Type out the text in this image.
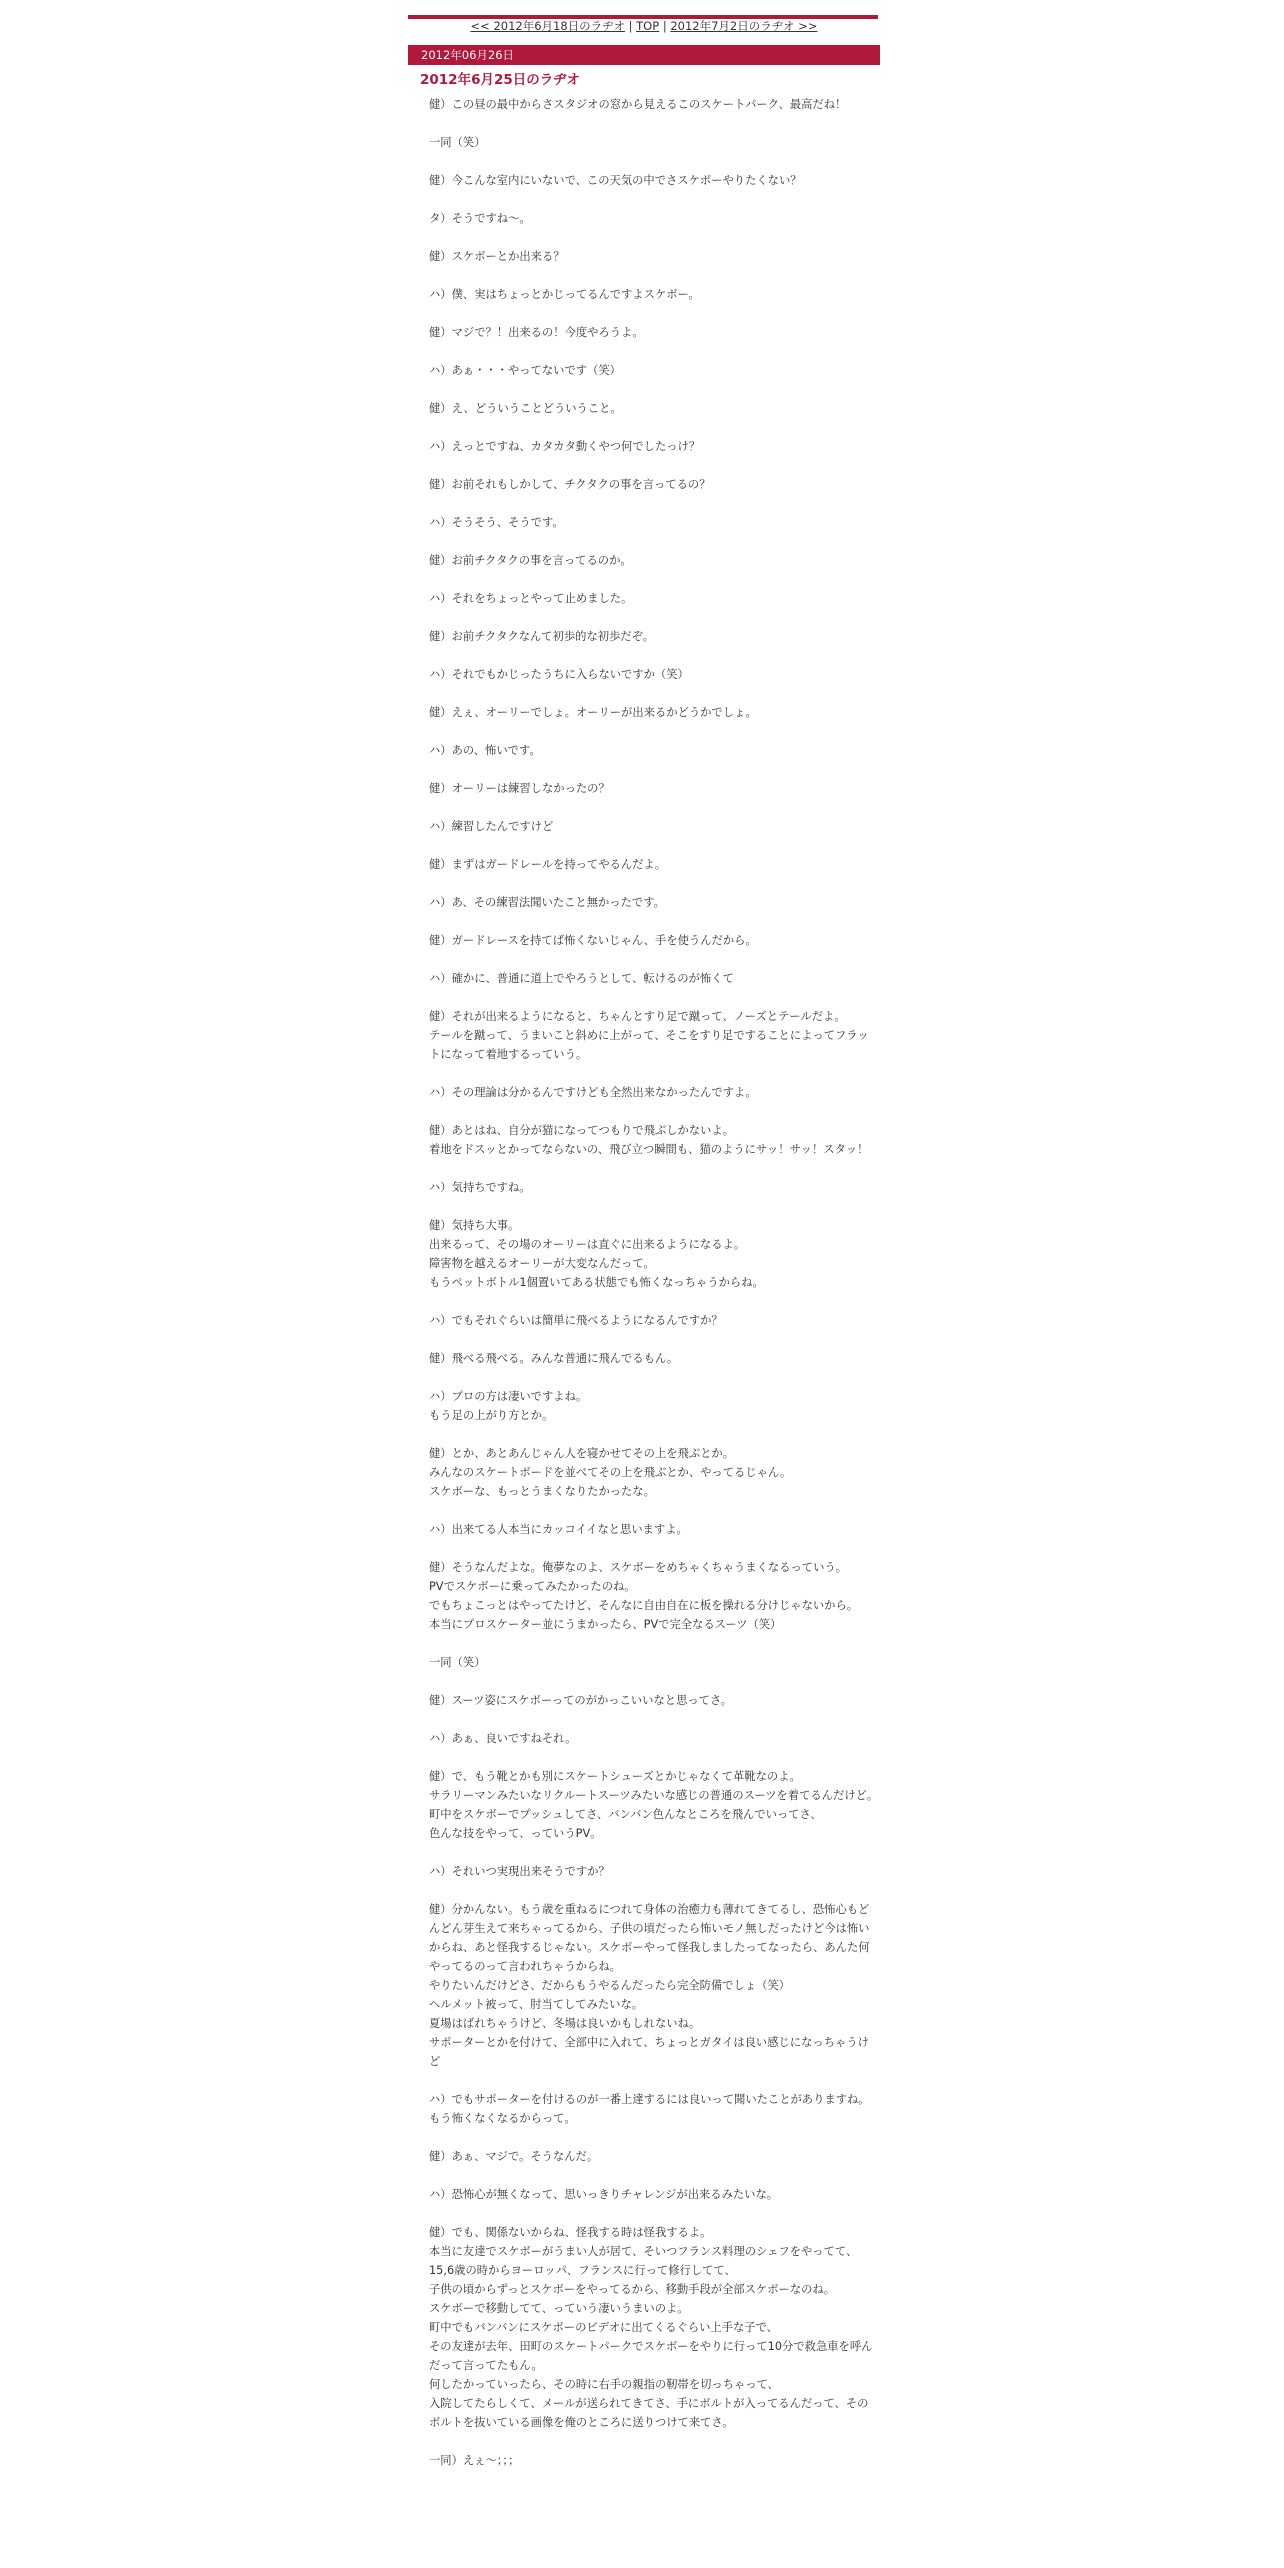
<< 2012年6月18日のラヂオ | TOP | 2012年7月2日のラヂオ >>
2012年06月26日
2012年6月25日のラヂオ

健）この昼の最中からさスタジオの窓から見えるこのスケートパーク、最高だね！

一同（笑）

健）今こんな室内にいないで、この天気の中でさスケボーやりたくない？

タ）そうですね～。

健）スケボーとか出来る？

ハ）僕、実はちょっとかじってるんですよスケボー。

健）マジで？！出来るの！今度やろうよ。

ハ）あぁ・・・やってないです（笑）

健）え、どういうことどういうこと。

ハ）えっとですね、カタカタ動くやつ何でしたっけ？

健）お前それもしかして、チクタクの事を言ってるの？

ハ）そうそう、そうです。

健）お前チクタクの事を言ってるのか。

ハ）それをちょっとやって止めました。

健）お前チクタクなんて初歩的な初歩だぞ。

ハ）それでもかじったうちに入らないですか（笑）

健）えぇ、オーリーでしょ。オーリーが出来るかどうかでしょ。

ハ）あの、怖いです。

健）オーリーは練習しなかったの？

ハ）練習したんですけど

健）まずはガードレールを持ってやるんだよ。

ハ）あ、その練習法聞いたこと無かったです。

健）ガードレースを持てば怖くないじゃん、手を使うんだから。

ハ）確かに、普通に道上でやろうとして、転けるのが怖くて

健）それが出来るようになると、ちゃんとすり足で蹴って、ノーズとテールだよ。
テールを蹴って、うまいこと斜めに上がって、そこをすり足ですることによってフラットになって着地するっていう。

ハ）その理論は分かるんですけども全然出来なかったんですよ。

健）あとはね、自分が猫になってつもりで飛ぶしかないよ。
着地をドスッとかってならないの、飛び立つ瞬間も、猫のようにサッ！サッ！スタッ！

ハ）気持ちですね。

健）気持ち大事。
出来るって、その場のオーリーは直ぐに出来るようになるよ。
障害物を越えるオーリーが大変なんだって。
もうペットボトル1個置いてある状態でも怖くなっちゃうからね。

ハ）でもそれぐらいは簡単に飛べるようになるんですか？

健）飛べる飛べる。みんな普通に飛んでるもん。

ハ）プロの方は凄いですよね。
もう足の上がり方とか。

健）とか、あとあんじゃん人を寝かせてその上を飛ぶとか。
みんなのスケートボードを並べてその上を飛ぶとか、やってるじゃん。
スケボーな、もっとうまくなりたかったな。

ハ）出来てる人本当にカッコイイなと思いますよ。

健）そうなんだよな。俺夢なのよ、スケボーをめちゃくちゃうまくなるっていう。
PVでスケボーに乗ってみたかったのね。
でもちょこっとはやってたけど、そんなに自由自在に板を操れる分けじゃないから。
本当にプロスケーター並にうまかったら、PVで完全なるスーツ（笑）

一同（笑）

健）スーツ姿にスケボーってのがかっこいいなと思ってさ。

ハ）あぁ、良いですねそれ。

健）で、もう靴とかも別にスケートシューズとかじゃなくて革靴なのよ。
サラリーマンみたいなリクルートスーツみたいな感じの普通のスーツを着てるんだけど。
町中をスケボーでプッシュしてさ、バンバン色んなところを飛んでいってさ、
色んな技をやって、っていうPV。

ハ）それいつ実現出来そうですか？

健）分かんない。もう歳を重ねるにつれて身体の治癒力も薄れてきてるし、恐怖心もどんどん芽生えて来ちゃってるから、子供の頃だったら怖いモノ無しだったけど今は怖いからね、あと怪我するじゃない。スケボーやって怪我しましたってなったら、あんた何やってるのって言われちゃうからね。
やりたいんだけどさ、だからもうやるんだったら完全防備でしょ（笑）
ヘルメット被って、肘当てしてみたいな。
夏場はばれちゃうけど、冬場は良いかもしれないね。
サポーターとかを付けて、全部中に入れて、ちょっとガタイは良い感じになっちゃうけど

ハ）でもサポーターを付けるのが一番上達するには良いって聞いたことがありますね。
もう怖くなくなるからって。

健）あぁ、マジで。そうなんだ。

ハ）恐怖心が無くなって、思いっきりチャレンジが出来るみたいな。

健）でも、関係ないからね、怪我する時は怪我するよ。
本当に友達でスケボーがうまい人が居て、そいつフランス料理のシェフをやってて、15,6歳の時からヨーロッパ、フランスに行って修行してて、
子供の頃からずっとスケボーをやってるから、移動手段が全部スケボーなのね。
スケボーで移動してて、っていう凄いうまいのよ。
町中でもバンバンにスケボーのビデオに出てくるぐらい上手な子で、
その友達が去年、田町のスケートパークでスケボーをやりに行って10分で救急車を呼んだって言ってたもん。
何したかっていったら、その時に右手の親指の靭帯を切っちゃって、
入院してたらしくて、メールが送られてきてさ、手にボルトが入ってるんだって、そのボルトを抜いている画像を俺のところに送りつけて来てさ。

一同）えぇ～；；；
